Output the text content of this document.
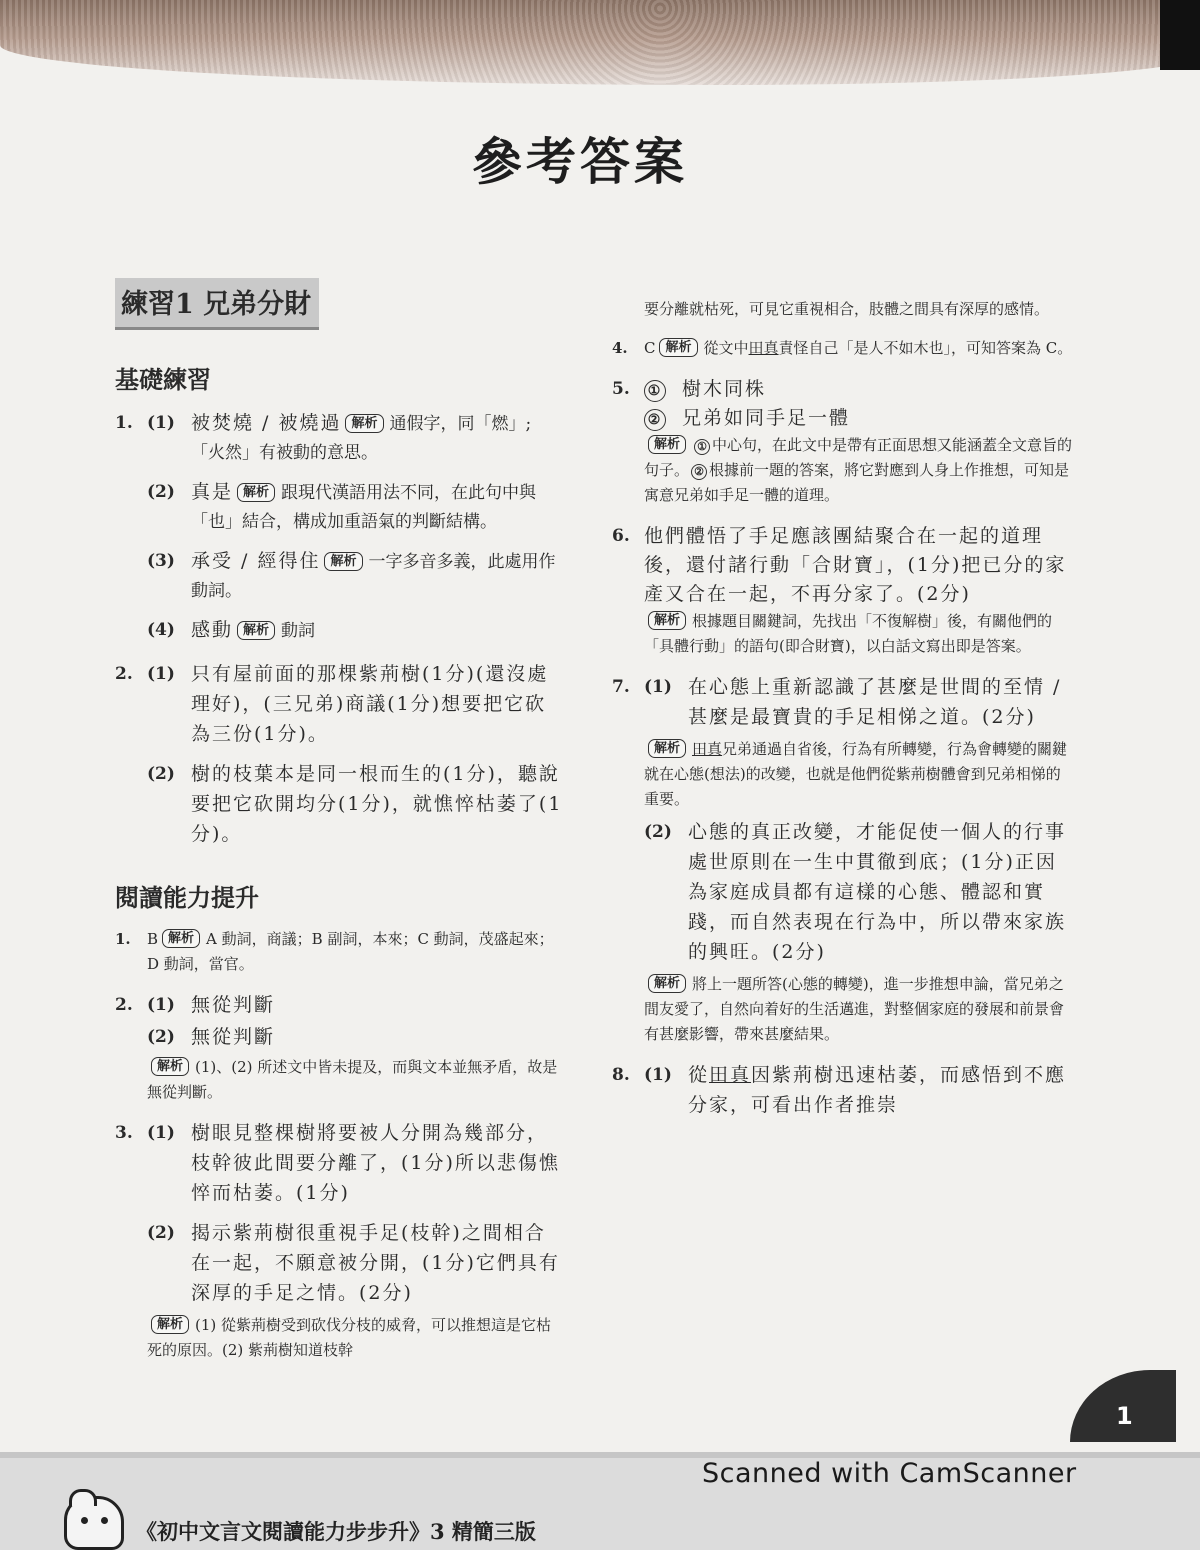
參考答案
練習1 兄弟分財
基礎練習
1. (1) 被焚燒 / 被燒過 解析 通假字，同「燃」;「火然」有被動的意思。
(2) 真是 解析 跟現代漢語用法不同，在此句中與「也」結合，構成加重語氣的判斷結構。
(3) 承受 / 經得住 解析 一字多音多義，此處用作動詞。
(4) 感動 解析 動詞
2. (1) 只有屋前面的那棵紫荊樹(1分)(還沒處理好)，(三兄弟)商議(1分)想要把它砍為三份(1分)。
(2) 樹的枝葉本是同一根而生的(1分)，聽說要把它砍開均分(1分)，就憔悴枯萎了(1分)。
閱讀能力提升
1. B 解析 A 動詞，商議；B 副詞，本來；C 動詞，茂盛起來；D 動詞，當官。
2. (1) 無從判斷
(2) 無從判斷
解析 (1)、(2) 所述文中皆未提及，而與文本並無矛盾，故是無從判斷。
3. (1) 樹眼見整棵樹將要被人分開為幾部分，枝幹彼此間要分離了，(1分)所以悲傷憔悴而枯萎。(1分)
(2) 揭示紫荊樹很重視手足(枝幹)之間相合在一起，不願意被分開，(1分)它們具有深厚的手足之情。(2分)
解析 (1) 從紫荊樹受到砍伐分枝的威脅，可以推想這是它枯死的原因。(2) 紫荊樹知道枝幹
要分離就枯死，可見它重視相合，肢體之間具有深厚的感情。
4. C 解析 從文中田真責怪自己「是人不如木也」，可知答案為 C。
5. ① 樹木同株
② 兄弟如同手足一體
解析 ① 中心句，在此文中是帶有正面思想又能涵蓋全文意旨的句子。 ② 根據前一題的答案，將它對應到人身上作推想，可知是寓意兄弟如手足一體的道理。
6. 他們體悟了手足應該團結聚合在一起的道理後，還付諸行動「合財寶」，(1分)把已分的家產又合在一起，不再分家了。(2分)
解析 根據題目關鍵詞，先找出「不復解樹」後，有關他們的「具體行動」的語句(即合財寶)，以白話文寫出即是答案。
7. (1) 在心態上重新認識了甚麼是世間的至情 / 甚麼是最寶貴的手足相悌之道。(2分)
解析 田真兄弟通過自省後，行為有所轉變，行為會轉變的關鍵就在心態(想法)的改變，也就是他們從紫荊樹體會到兄弟相悌的重要。
(2) 心態的真正改變，才能促使一個人的行事處世原則在一生中貫徹到底；(1分)正因為家庭成員都有這樣的心態、體認和實踐，而自然表現在行為中，所以帶來家族的興旺。(2分)
解析 將上一題所答(心態的轉變)，進一步推想申論，當兄弟之間友愛了，自然向着好的生活邁進，對整個家庭的發展和前景會有甚麼影響，帶來甚麼結果。
8. (1) 從田真因紫荊樹迅速枯萎，而感悟到不應分家，可看出作者推崇
1
Scanned with CamScanner
《初中文言文閱讀能力步步升》3 精簡三版
